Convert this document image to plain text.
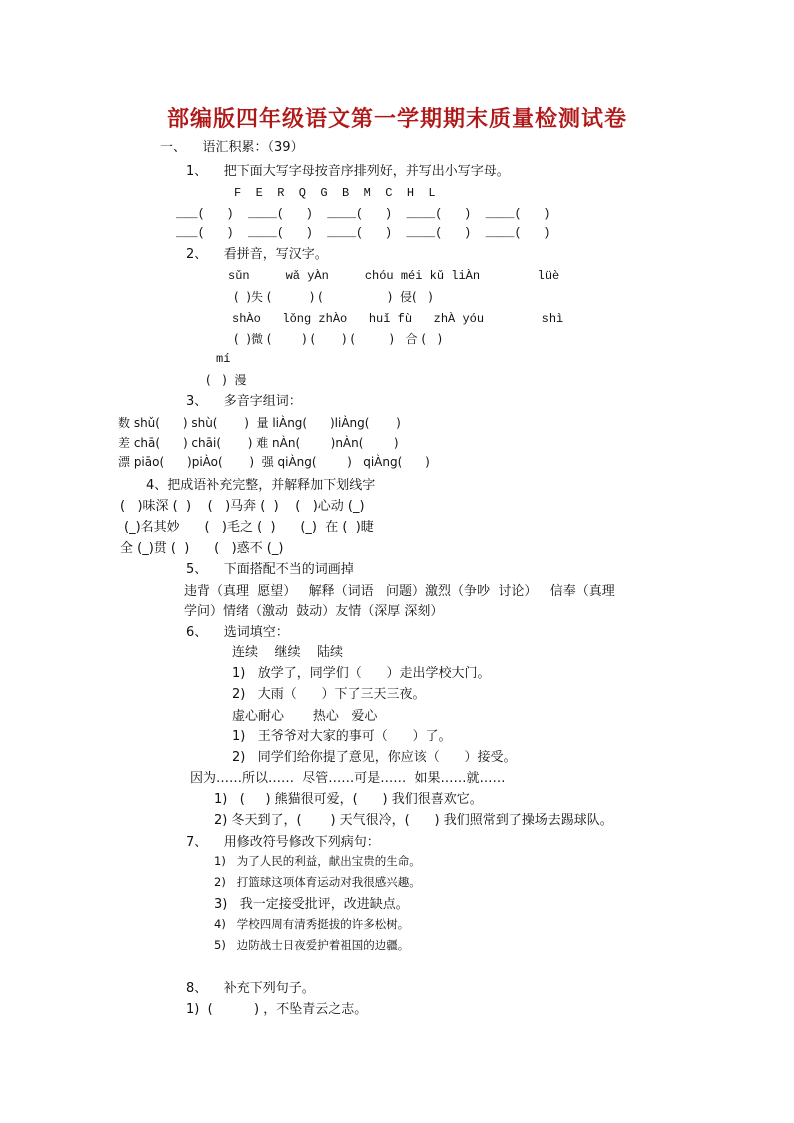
部编版四年级语文第一学期期末质量检测试卷
一、    语汇积累：（39）
1、    把下面大写字母按音序排列好，并写出小写字母。
F  E  R  Q  G  B  M  C  H  L
___(   )  ____(   )  ____(   )  ____(   )  ____(   )
___(   )  ____(   )  ____(   )  ____(   )  ____(   )
2、    看拼音，写汉字。
sǔn     wǎ yÀn     chóu méi kǔ liÀn        lüè
(  )失 (          ) (                 )  侵(   )
shÀo   lǒng zhÀo   huǐ fù   zhÀ yóu        shì
(  )微 (        ) (       ) (         )   合 (   )
mí
(   )  漫
3、    多音字组词：
数 shǔ(      ) shù(       )  量 liÀng(      )liÀng(       )
差 chā(      ) chāi(       ) 难 nÀn(        )nÀn(        )
漂 piāo(      )piÀo(       )  强 qiÀng(        )   qiÀng(      )
4、把成语补充完整，并解释加下划线字
(   )味深 (  )    (   )马奔 (  )    (   )心动 (_)
(_)名其妙      (   )毛之 (  )      (_)  在 (  )睫
全 (_)贯 (  )      (   )惑不 (_)
5、    下面搭配不当的词画掉
违背（真理  愿望）   解释（词语   问题）激烈（争吵  讨论）   信奉（真理
学问）情绪（激动  鼓动）友情（深厚 深刻）
6、    选词填空：
连续    继续    陆续
1)   放学了，同学们（      ）走出学校大门。
2)   大雨（      ）下了三天三夜。
虚心耐心       热心   爱心
1)   王爷爷对大家的事可（      ）了。
2)   同学们给你提了意见，你应该（      ）接受。
因为……所以……  尽管……可是……  如果……就……
1)   (     ) 熊猫很可爱，(      ) 我们很喜欢它。
2) 冬天到了，(       ) 天气很冷，(      ) 我们照常到了操场去踢球队。
7、    用修改符号修改下列病句：
1)   为了人民的利益，献出宝贵的生命。
2)   打篮球这项体育运动对我很感兴趣。
3)   我一定接受批评，改进缺点。
4)   学校四周有清秀挺拔的许多松树。
5)   边防战士日夜爱护着祖国的边疆。
8、    补充下列句子。
1)  (          ) ，不坠青云之志。
